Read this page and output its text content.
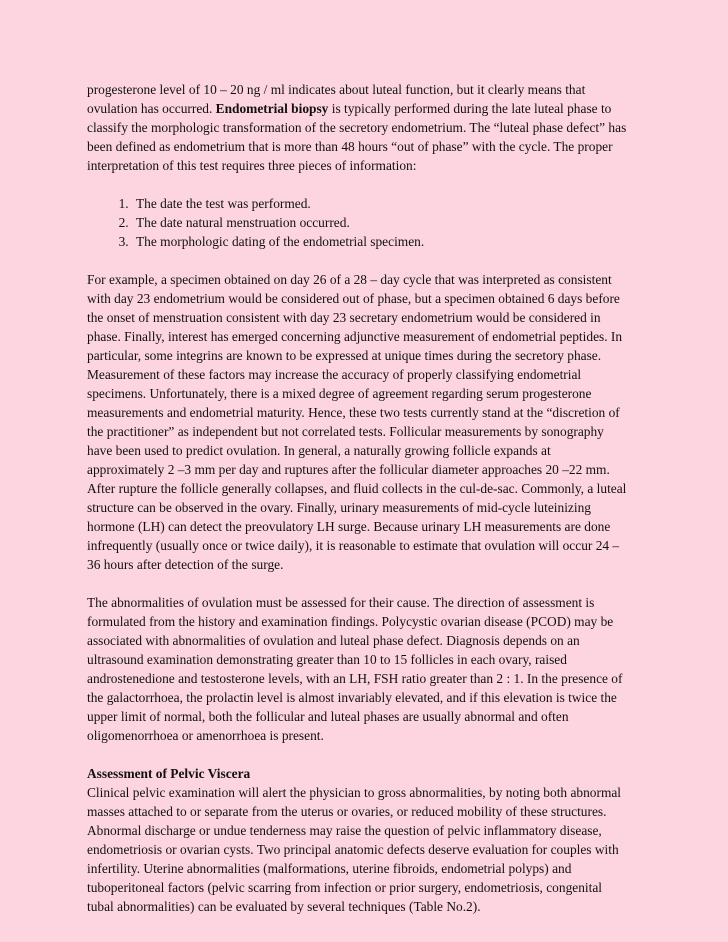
progesterone level of 10 – 20 ng / ml indicates about luteal function, but it clearly means that ovulation has occurred. Endometrial biopsy is typically performed during the late luteal phase to classify the morphologic transformation of the secretory endometrium. The “luteal phase defect” has been defined as endometrium that is more than 48 hours “out of phase” with the cycle. The proper interpretation of this test requires three pieces of information:

1. The date the test was performed.
2. The date natural menstruation occurred.
3. The morphologic dating of the endometrial specimen.

For example, a specimen obtained on day 26 of a 28 – day cycle that was interpreted as consistent with day 23 endometrium would be considered out of phase, but a specimen obtained 6 days before the onset of menstruation consistent with day 23 secretary endometrium would be considered in phase. Finally, interest has emerged concerning adjunctive measurement of endometrial peptides. In particular, some integrins are known to be expressed at unique times during the secretory phase. Measurement of these factors may increase the accuracy of properly classifying endometrial specimens. Unfortunately, there is a mixed degree of agreement regarding serum progesterone measurements and endometrial maturity. Hence, these two tests currently stand at the “discretion of the practitioner” as independent but not correlated tests. Follicular measurements by sonography have been used to predict ovulation. In general, a naturally growing follicle expands at approximately 2 –3 mm per day and ruptures after the follicular diameter approaches 20 –22 mm. After rupture the follicle generally collapses, and fluid collects in the cul-de-sac. Commonly, a luteal structure can be observed in the ovary. Finally, urinary measurements of mid-cycle luteinizing hormone (LH) can detect the preovulatory LH surge. Because urinary LH measurements are done infrequently (usually once or twice daily), it is reasonable to estimate that ovulation will occur 24 –36 hours after detection of the surge.

The abnormalities of ovulation must be assessed for their cause. The direction of assessment is formulated from the history and examination findings. Polycystic ovarian disease (PCOD) may be associated with abnormalities of ovulation and luteal phase defect. Diagnosis depends on an ultrasound examination demonstrating greater than 10 to 15 follicles in each ovary, raised androstenedione and testosterone levels, with an LH, FSH ratio greater than 2 : 1. In the presence of the galactorrhoea, the prolactin level is almost invariably elevated, and if this elevation is twice the upper limit of normal, both the follicular and luteal phases are usually abnormal and often oligomenorrhoea or amenorrhoea is present.

Assessment of Pelvic Viscera

Clinical pelvic examination will alert the physician to gross abnormalities, by noting both abnormal masses attached to or separate from the uterus or ovaries, or reduced mobility of these structures. Abnormal discharge or undue tenderness may raise the question of pelvic inflammatory disease, endometriosis or ovarian cysts. Two principal anatomic defects deserve evaluation for couples with infertility. Uterine abnormalities (malformations, uterine fibroids, endometrial polyps) and tuboperitoneal factors (pelvic scarring from infection or prior surgery, endometriosis, congenital tubal abnormalities) can be evaluated by several techniques (Table No.2).
